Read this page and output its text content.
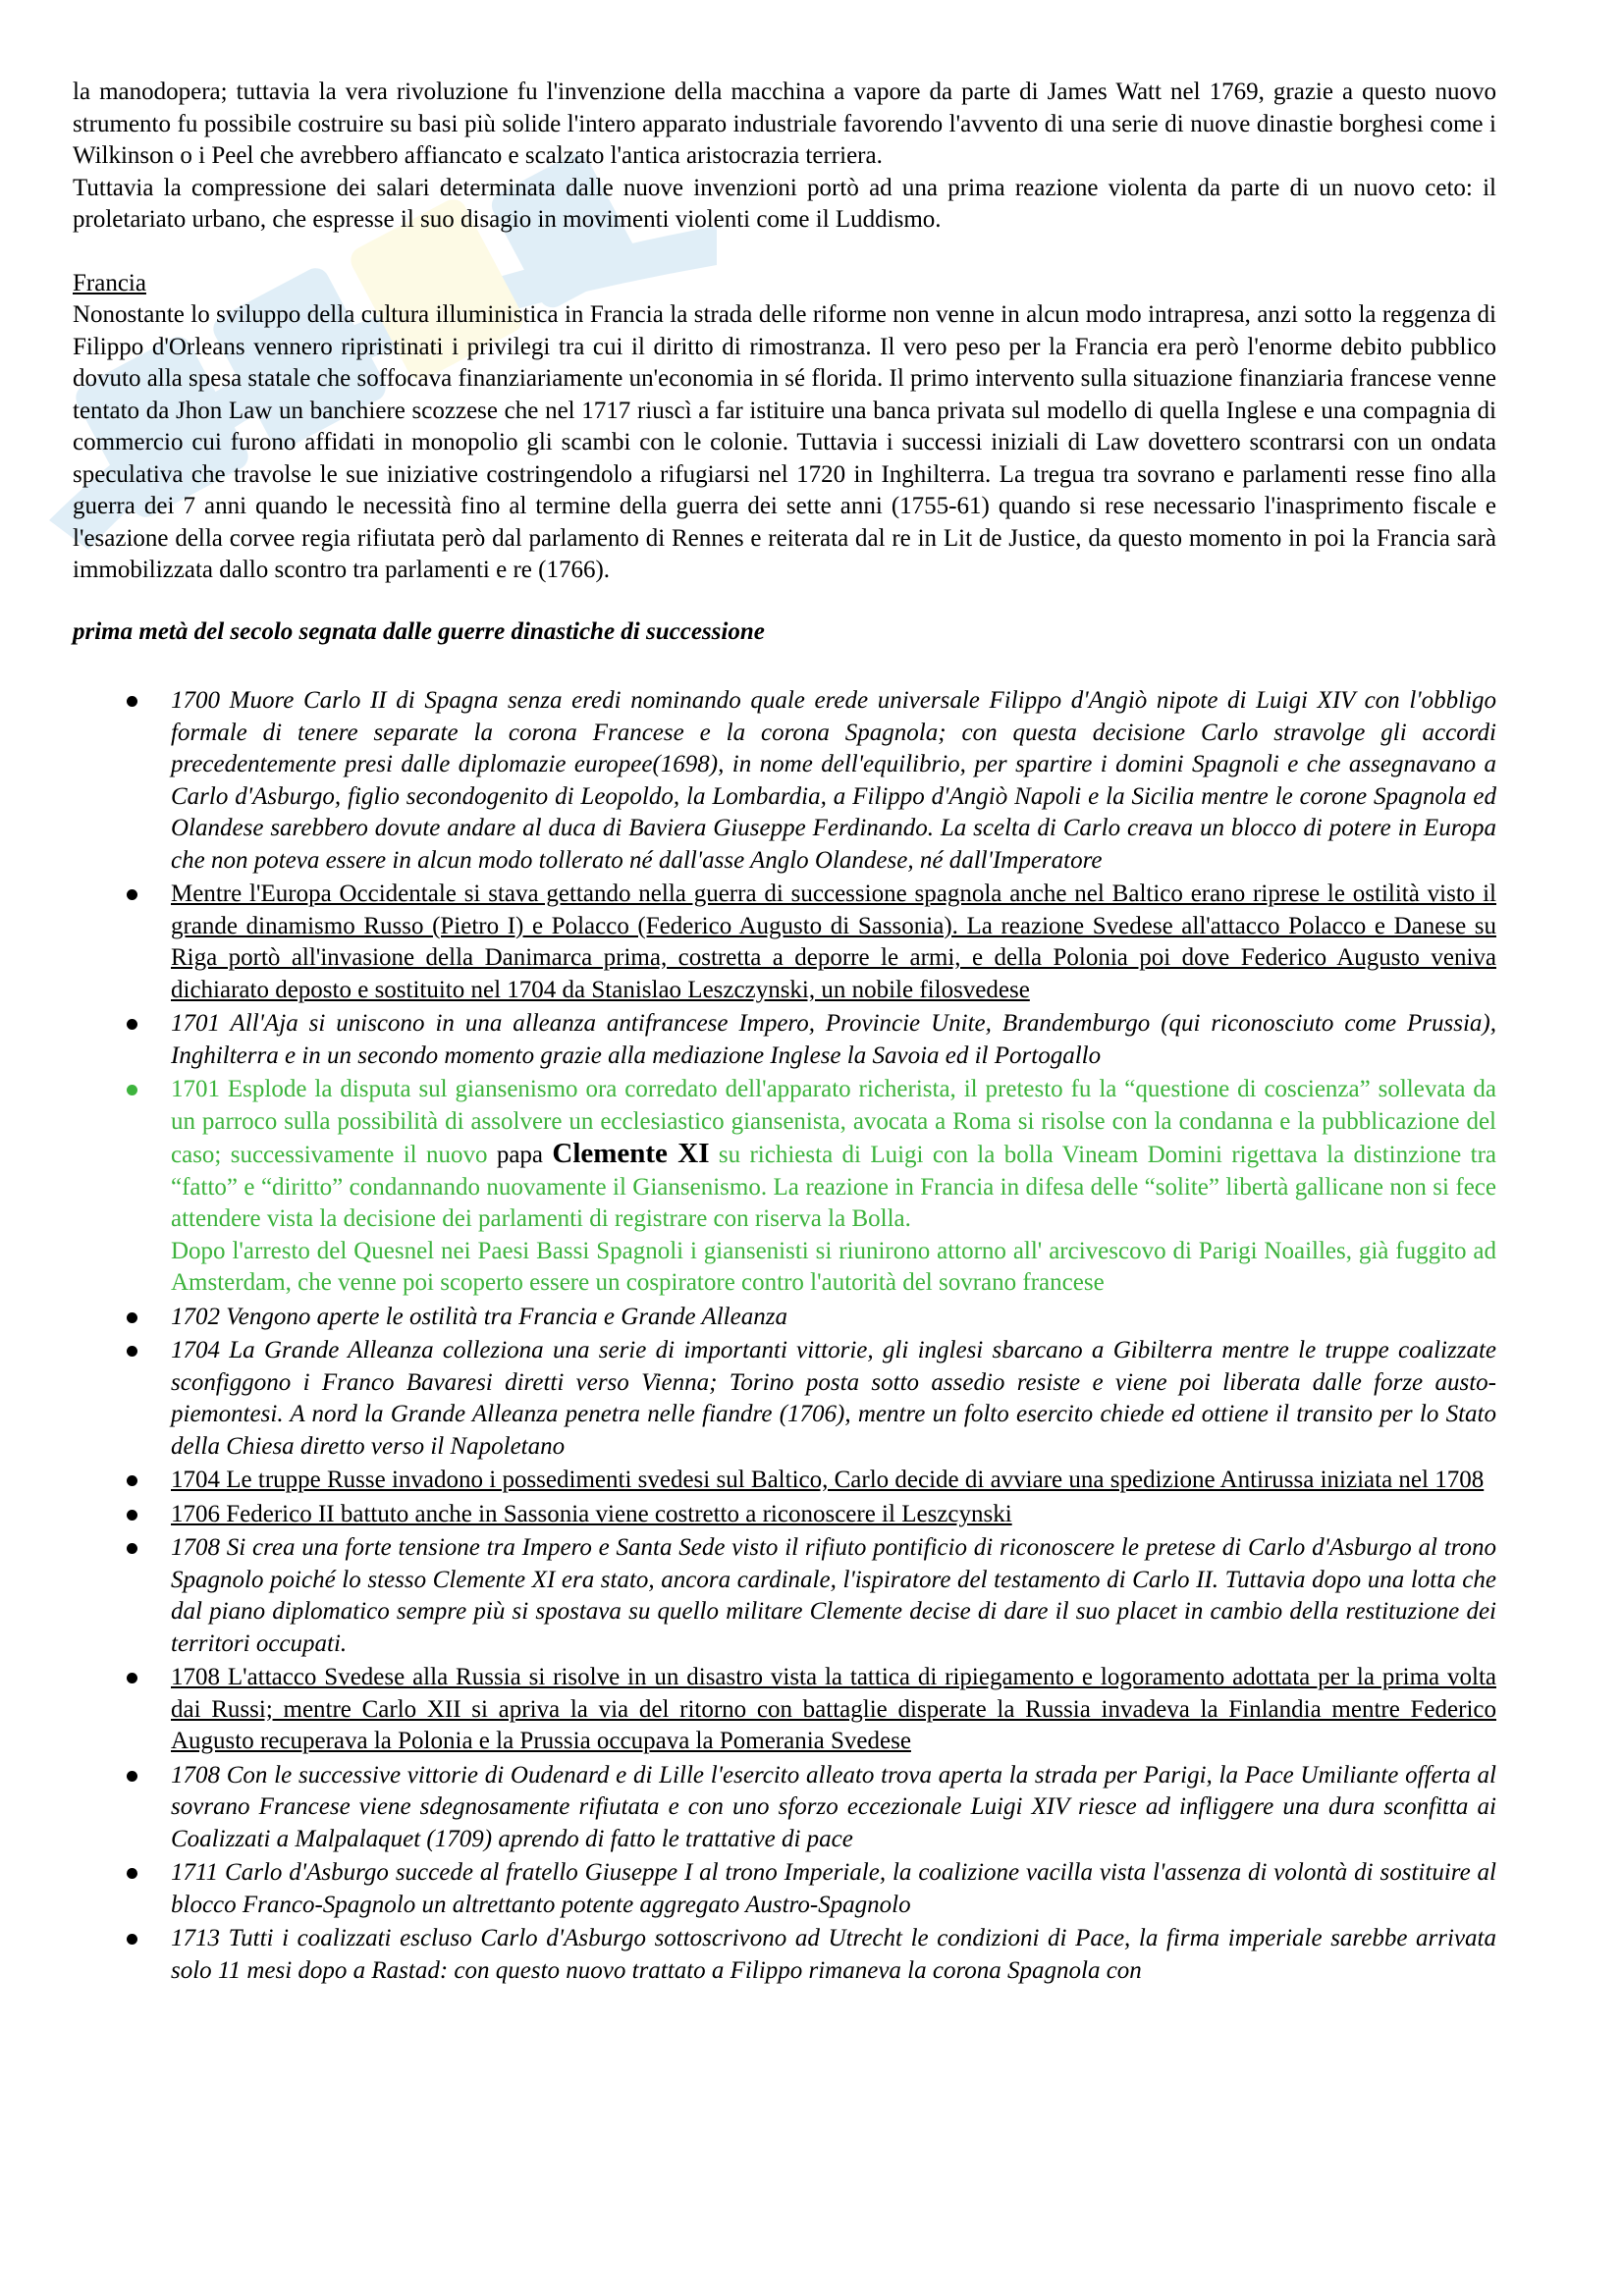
la manodopera; tuttavia la vera rivoluzione fu l'invenzione della macchina a vapore da parte di James Watt nel 1769, grazie a questo nuovo strumento fu possibile costruire su basi più solide l'intero apparato industriale favorendo l'avvento di una serie di nuove dinastie borghesi come i Wilkinson o i Peel che avrebbero affiancato e scalzato l'antica aristocrazia terriera.

Tuttavia la compressione dei salari determinata dalle nuove invenzioni portò ad una prima reazione violenta da parte di un nuovo ceto: il proletariato urbano, che espresse il suo disagio in movimenti violenti come il Luddismo.

Francia

Nonostante lo sviluppo della cultura illuministica in Francia la strada delle riforme non venne in alcun modo intrapresa, anzi sotto la reggenza di Filippo d'Orleans vennero ripristinati i privilegi tra cui il diritto di rimostranza. Il vero peso per la Francia era però l'enorme debito pubblico dovuto alla spesa statale che soffocava finanziariamente un'economia in sé florida. Il primo intervento sulla situazione finanziaria francese venne tentato da Jhon Law un banchiere scozzese che nel 1717 riuscì a far istituire una banca privata sul modello di quella Inglese e una compagnia di commercio cui furono affidati in monopolio gli scambi con le colonie. Tuttavia i successi iniziali di Law dovettero scontrarsi con un ondata speculativa che travolse le sue iniziative costringendolo a rifugiarsi nel 1720 in Inghilterra. La tregua tra sovrano e parlamenti resse fino alla guerra dei 7 anni quando le necessità fino al termine della guerra dei sette anni (1755-61) quando si rese necessario l'inasprimento fiscale e l'esazione della corvee regia rifiutata però dal parlamento di Rennes e reiterata dal re in Lit de Justice, da questo momento in poi la Francia sarà immobilizzata dallo scontro tra parlamenti e re (1766).

prima metà del secolo segnata dalle guerre dinastiche di successione

1700 Muore Carlo II di Spagna senza eredi nominando quale erede universale Filippo d'Angiò nipote di Luigi XIV con l'obbligo formale di tenere separate la corona Francese e la corona Spagnola; con questa decisione Carlo stravolge gli accordi precedentemente presi dalle diplomazie europee(1698), in nome dell'equilibrio, per spartire i domini Spagnoli e che assegnavano a Carlo d'Asburgo, figlio secondogenito di Leopoldo, la Lombardia, a Filippo d'Angiò Napoli e la Sicilia mentre le corone Spagnola ed Olandese sarebbero dovute andare al duca di Baviera Giuseppe Ferdinando. La scelta di Carlo creava un blocco di potere in Europa che non poteva essere in alcun modo tollerato né dall'asse Anglo Olandese, né dall'Imperatore
Mentre l'Europa Occidentale si stava gettando nella guerra di successione spagnola anche nel Baltico erano riprese le ostilità visto il grande dinamismo Russo (Pietro I) e Polacco (Federico Augusto di Sassonia). La reazione Svedese all'attacco Polacco e Danese su Riga portò all'invasione della Danimarca prima, costretta a deporre le armi, e della Polonia poi dove Federico Augusto veniva dichiarato deposto e sostituito nel 1704 da Stanislao Leszczynski, un nobile filosvedese
1701 All'Aja si uniscono in una alleanza antifrancese Impero, Provincie Unite, Brandemburgo (qui riconosciuto come Prussia), Inghilterra e in un secondo momento grazie alla mediazione Inglese la Savoia ed il Portogallo
1701 Esplode la disputa sul giansenismo ora corredato dell'apparato richerista, il pretesto fu la “questione di coscienza” sollevata da un parroco sulla possibilità di assolvere un ecclesiastico giansenista, avocata a Roma si risolse con la condanna e la pubblicazione del caso; successivamente il nuovo papa Clemente XI su richiesta di Luigi con la bolla Vineam Domini rigettava la distinzione tra “fatto” e “diritto” condannando nuovamente il Giansenismo. La reazione in Francia in difesa delle “solite” libertà gallicane non si fece attendere vista la decisione dei parlamenti di registrare con riserva la Bolla.
Dopo l'arresto del Quesnel nei Paesi Bassi Spagnoli i giansenisti si riunirono attorno all' arcivescovo di Parigi Noailles, già fuggito ad Amsterdam, che venne poi scoperto essere un cospiratore contro l'autorità del sovrano francese
1702 Vengono aperte le ostilità tra Francia e Grande Alleanza
1704 La Grande Alleanza colleziona una serie di importanti vittorie, gli inglesi sbarcano a Gibilterra mentre le truppe coalizzate sconfiggono i Franco Bavaresi diretti verso Vienna; Torino posta sotto assedio resiste e viene poi liberata dalle forze austo-piemontesi. A nord la Grande Alleanza penetra nelle fiandre (1706), mentre un folto esercito chiede ed ottiene il transito per lo Stato della Chiesa diretto verso il Napoletano
1704 Le truppe Russe invadono i possedimenti svedesi sul Baltico, Carlo decide di avviare una spedizione Antirussa iniziata nel 1708
1706 Federico II battuto anche in Sassonia viene costretto a riconoscere il Leszcynski
1708 Si crea una forte tensione tra Impero e Santa Sede visto il rifiuto pontificio di riconoscere le pretese di Carlo d'Asburgo al trono Spagnolo poiché lo stesso Clemente XI era stato, ancora cardinale, l'ispiratore del testamento di Carlo II. Tuttavia dopo una lotta che dal piano diplomatico sempre più si spostava su quello militare Clemente decise di dare il suo placet in cambio della restituzione dei territori occupati.
1708 L'attacco Svedese alla Russia si risolve in un disastro vista la tattica di ripiegamento e logoramento adottata per la prima volta dai Russi; mentre Carlo XII si apriva la via del ritorno con battaglie disperate la Russia invadeva la Finlandia mentre Federico Augusto recuperava la Polonia e la Prussia occupava la Pomerania Svedese
1708 Con le successive vittorie di Oudenard e di Lille l'esercito alleato trova aperta la strada per Parigi, la Pace Umiliante offerta al sovrano Francese viene sdegnosamente rifiutata e con uno sforzo eccezionale Luigi XIV riesce ad infliggere una dura sconfitta ai Coalizzati a Malpalaquet (1709) aprendo di fatto le trattative di pace
1711 Carlo d'Asburgo succede al fratello Giuseppe I al trono Imperiale, la coalizione vacilla vista l'assenza di volontà di sostituire al blocco Franco-Spagnolo un altrettanto potente aggregato Austro-Spagnolo
1713 Tutti i coalizzati escluso Carlo d'Asburgo sottoscrivono ad Utrecht le condizioni di Pace, la firma imperiale sarebbe arrivata solo 11 mesi dopo a Rastad: con questo nuovo trattato a Filippo rimaneva la corona Spagnola con
